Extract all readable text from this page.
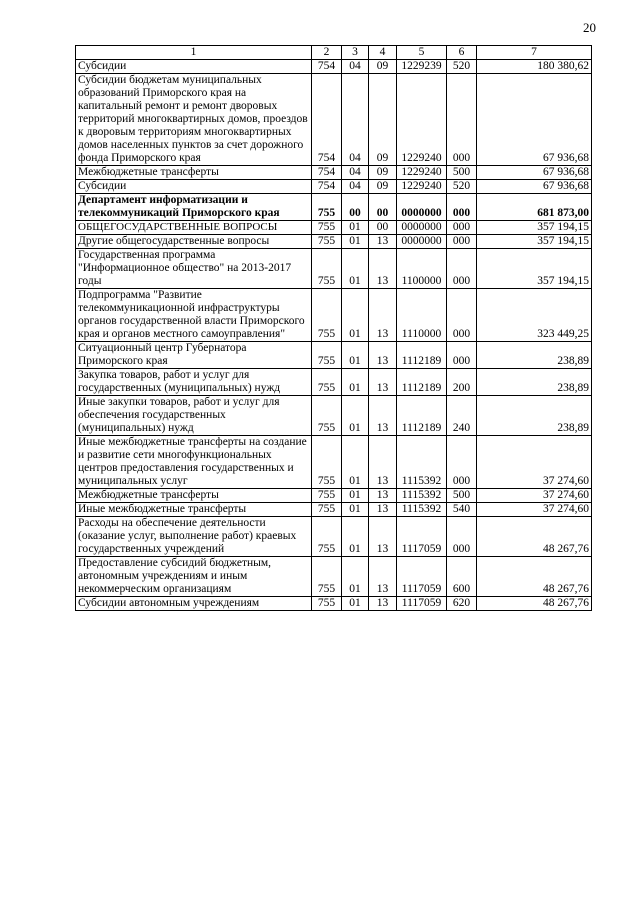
20
1	2	3	4	5	6	7
Субсидии	754	04	09	1229239	520	180 380,62
Субсидии бюджетам муниципальных образований Приморского края на капитальный ремонт и ремонт дворовых территорий многоквартирных домов, проездов к дворовым территориям многоквартирных домов населенных пунктов за счет дорожного фонда Приморского края	754	04	09	1229240	000	67 936,68
Межбюджетные трансферты	754	04	09	1229240	500	67 936,68
Субсидии	754	04	09	1229240	520	67 936,68
Департамент информатизации и телекоммуникаций Приморского края	755	00	00	0000000	000	681 873,00
ОБЩЕГОСУДАРСТВЕННЫЕ ВОПРОСЫ	755	01	00	0000000	000	357 194,15
Другие общегосударственные вопросы	755	01	13	0000000	000	357 194,15
Государственная программа "Информационное общество" на 2013-2017 годы	755	01	13	1100000	000	357 194,15
Подпрограмма "Развитие телекоммуникационной инфраструктуры органов государственной власти Приморского края и органов местного самоуправления"	755	01	13	1110000	000	323 449,25
Ситуационный центр Губернатора Приморского края	755	01	13	1112189	000	238,89
Закупка товаров, работ и услуг для государственных (муниципальных) нужд	755	01	13	1112189	200	238,89
Иные закупки товаров, работ и услуг для обеспечения государственных (муниципальных) нужд	755	01	13	1112189	240	238,89
Иные межбюджетные трансферты на создание и развитие сети многофункциональных центров предоставления государственных и муниципальных услуг	755	01	13	1115392	000	37 274,60
Межбюджетные трансферты	755	01	13	1115392	500	37 274,60
Иные межбюджетные трансферты	755	01	13	1115392	540	37 274,60
Расходы на обеспечение деятельности (оказание услуг, выполнение работ) краевых государственных учреждений	755	01	13	1117059	000	48 267,76
Предоставление субсидий бюджетным, автономным учреждениям и иным некоммерческим организациям	755	01	13	1117059	600	48 267,76
Субсидии автономным учреждениям	755	01	13	1117059	620	48 267,76
